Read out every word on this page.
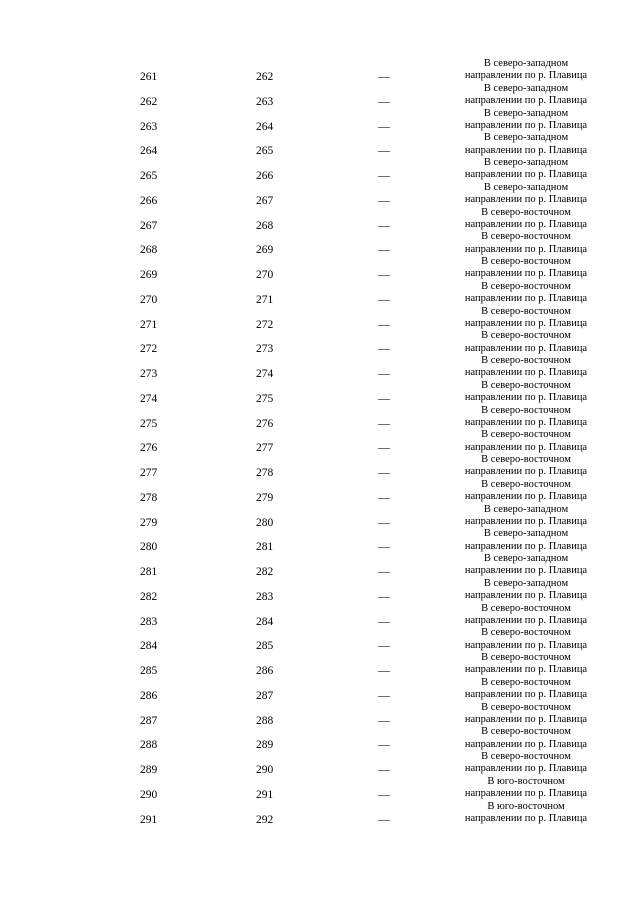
261	262	—
В северо-западном
направлении по р. Плавица
262	263	—
В северо-западном
направлении по р. Плавица
263	264	—
В северо-западном
направлении по р. Плавица
264	265	—
В северо-западном
направлении по р. Плавица
265	266	—
В северо-западном
направлении по р. Плавица
266	267	—
В северо-западном
направлении по р. Плавица
267	268	—
В северо-восточном
направлении по р. Плавица
268	269	—
В северо-восточном
направлении по р. Плавица
269	270	—
В северо-восточном
направлении по р. Плавица
270	271	—
В северо-восточном
направлении по р. Плавица
271	272	—
В северо-восточном
направлении по р. Плавица
272	273	—
В северо-восточном
направлении по р. Плавица
273	274	—
В северо-восточном
направлении по р. Плавица
274	275	—
В северо-восточном
направлении по р. Плавица
275	276	—
В северо-восточном
направлении по р. Плавица
276	277	—
В северо-восточном
направлении по р. Плавица
277	278	—
В северо-восточном
направлении по р. Плавица
278	279	—
В северо-восточном
направлении по р. Плавица
279	280	—
В северо-западном
направлении по р. Плавица
280	281	—
В северо-западном
направлении по р. Плавица
281	282	—
В северо-западном
направлении по р. Плавица
282	283	—
В северо-западном
направлении по р. Плавица
283	284	—
В северо-восточном
направлении по р. Плавица
284	285	—
В северо-восточном
направлении по р. Плавица
285	286	—
В северо-восточном
направлении по р. Плавица
286	287	—
В северо-восточном
направлении по р. Плавица
287	288	—
В северо-восточном
направлении по р. Плавица
288	289	—
В северо-восточном
направлении по р. Плавица
289	290	—
В северо-восточном
направлении по р. Плавица
290	291	—
В юго-восточном
направлении по р. Плавица
291	292	—
В юго-восточном
направлении по р. Плавица
